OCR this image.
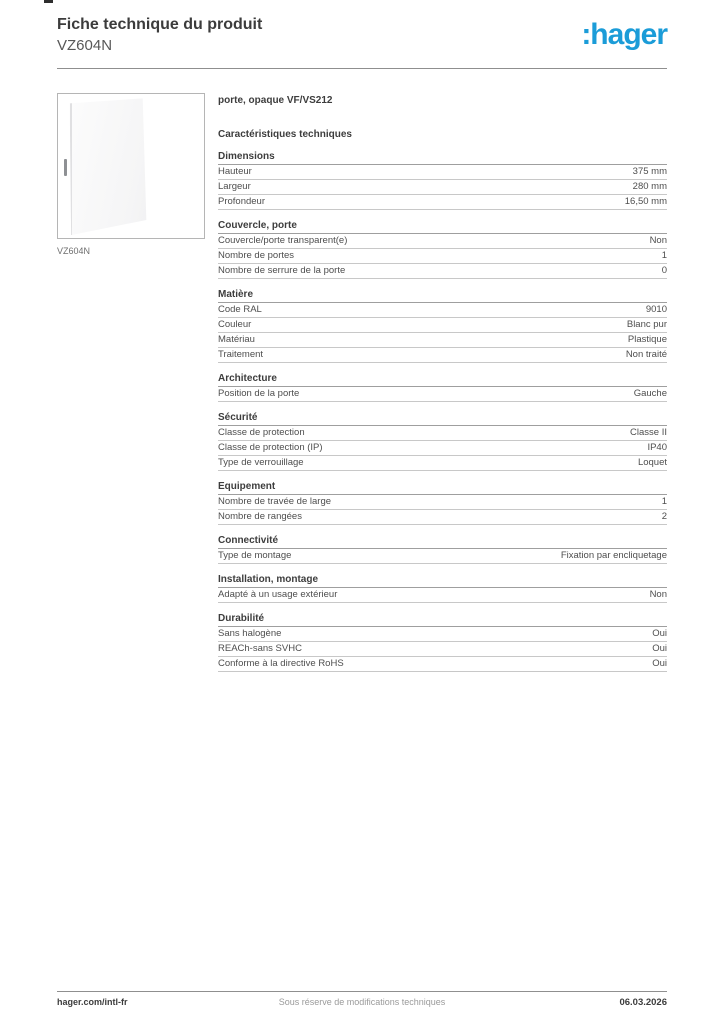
Fiche technique du produit
VZ604N	:hager
VZ604N
porte, opaque VF/VS212
Caractéristiques techniques
Dimensions
Hauteur	375 mm
Largeur	280 mm
Profondeur	16,50 mm
Couvercle, porte
Couvercle/porte transparent(e)	Non
Nombre de portes	1
Nombre de serrure de la porte	0
Matière
Code RAL	9010
Couleur	Blanc pur
Matériau	Plastique
Traitement	Non traité
Architecture
Position de la porte	Gauche
Sécurité
Classe de protection	Classe II
Classe de protection (IP)	IP40
Type de verrouillage	Loquet
Equipement
Nombre de travée de large	1
Nombre de rangées	2
Connectivité
Type de montage	Fixation par encliquetage
Installation, montage
Adapté à un usage extérieur	Non
Durabilité
Sans halogène	Oui
REACh-sans SVHC	Oui
Conforme à la directive RoHS	Oui
hager.com/intl-fr	Sous réserve de modifications techniques	06.03.2026
